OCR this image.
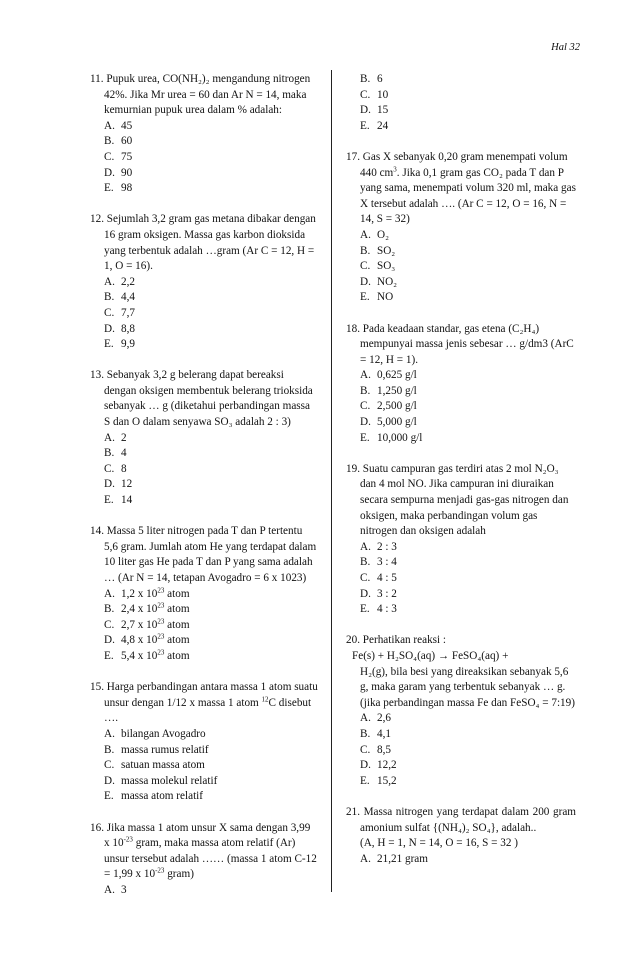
Hal 32

11. Pupuk urea, CO(NH₂)₂ mengandung nitrogen 42%. Jika Mr urea = 60 dan Ar N = 14, maka kemurnian pupuk urea dalam % adalah:

A. 45
B. 60
C. 75
D. 90
E. 98

12. Sejumlah 3,2 gram gas metana dibakar dengan 16 gram oksigen. Massa gas karbon dioksida yang terbentuk adalah …gram (Ar C = 12, H = 1, O = 16).

A. 2,2
B. 4,4
C. 7,7
D. 8,8
E. 9,9

13. Sebanyak 3,2 g belerang dapat bereaksi dengan oksigen membentuk belerang trioksida sebanyak … g (diketahui perbandingan massa S dan O dalam senyawa SO₃ adalah 2 : 3)

A. 2
B. 4
C. 8
D. 12
E. 14

14. Massa 5 liter nitrogen pada T dan P tertentu 5,6 gram. Jumlah atom He yang terdapat dalam 10 liter gas He pada T dan P yang sama adalah … (Ar N = 14, tetapan Avogadro = 6 x 1023)

A. 1,2 x $10^{23}$ atom
B. 2,4 x $10^{23}$ atom
C. 2,7 x $10^{23}$ atom
D. 4,8 x $10^{23}$ atom
E. 5,4 x $10^{23}$ atom

15. Harga perbandingan antara massa 1 atom suatu unsur dengan 1/12 x massa 1 atom $^{12}$C disebut ….

A. bilangan Avogadro
B. massa rumus relatif
C. satuan massa atom
D. massa molekul relatif
E. massa atom relatif

16. Jika massa 1 atom unsur X sama dengan 3,99 x $10^{-23}$ gram, maka massa atom relatif (Ar) unsur tersebut adalah …… (massa 1 atom C-12 = 1,99 x $10^{-23}$ gram)

A. 3
B. 6
C. 10
D. 15
E. 24

17. Gas X sebanyak 0,20 gram menempati volum 440 $cm^3$. Jika 0,1 gram gas CO₂ pada T dan P yang sama, menempati volum 320 ml, maka gas X tersebut adalah …. (Ar C = 12, O = 16, N = 14, S = 32)

A. O₂
B. SO₂
C. SO₃
D. NO₂
E. NO

18. Pada keadaan standar, gas etena (C₂H₄) mempunyai massa jenis sebesar … g/dm3 (ArC = 12, H = 1).

A. 0,625 g/l
B. 1,250 g/l
C. 2,500 g/l
D. 5,000 g/l
E. 10,000 g/l

19. Suatu campuran gas terdiri atas 2 mol N₂O₃ dan 4 mol NO. Jika campuran ini diuraikan secara sempurna menjadi gas-gas nitrogen dan oksigen, maka perbandingan volum gas nitrogen dan oksigen adalah

A. 2 : 3
B. 3 : 4
C. 4 : 5
D. 3 : 2
E. 4 : 3

20. Perhatikan reaksi :

Fe(s) + H₂SO₄(aq) → FeSO₄(aq) +

H₂(g), bila besi yang direaksikan sebanyak 5,6 g, maka garam yang terbentuk sebanyak … g. (jika perbandingan massa Fe dan FeSO₄ = 7:19)

A. 2,6
B. 4,1
C. 8,5
D. 12,2
E. 15,2

21. Massa nitrogen yang terdapat dalam 200 gram amonium sulfat {(NH₄)₂ SO₄}, adalah..

(A, H = 1, N = 14, O = 16, S = 32 )

A. 21,21 gram
